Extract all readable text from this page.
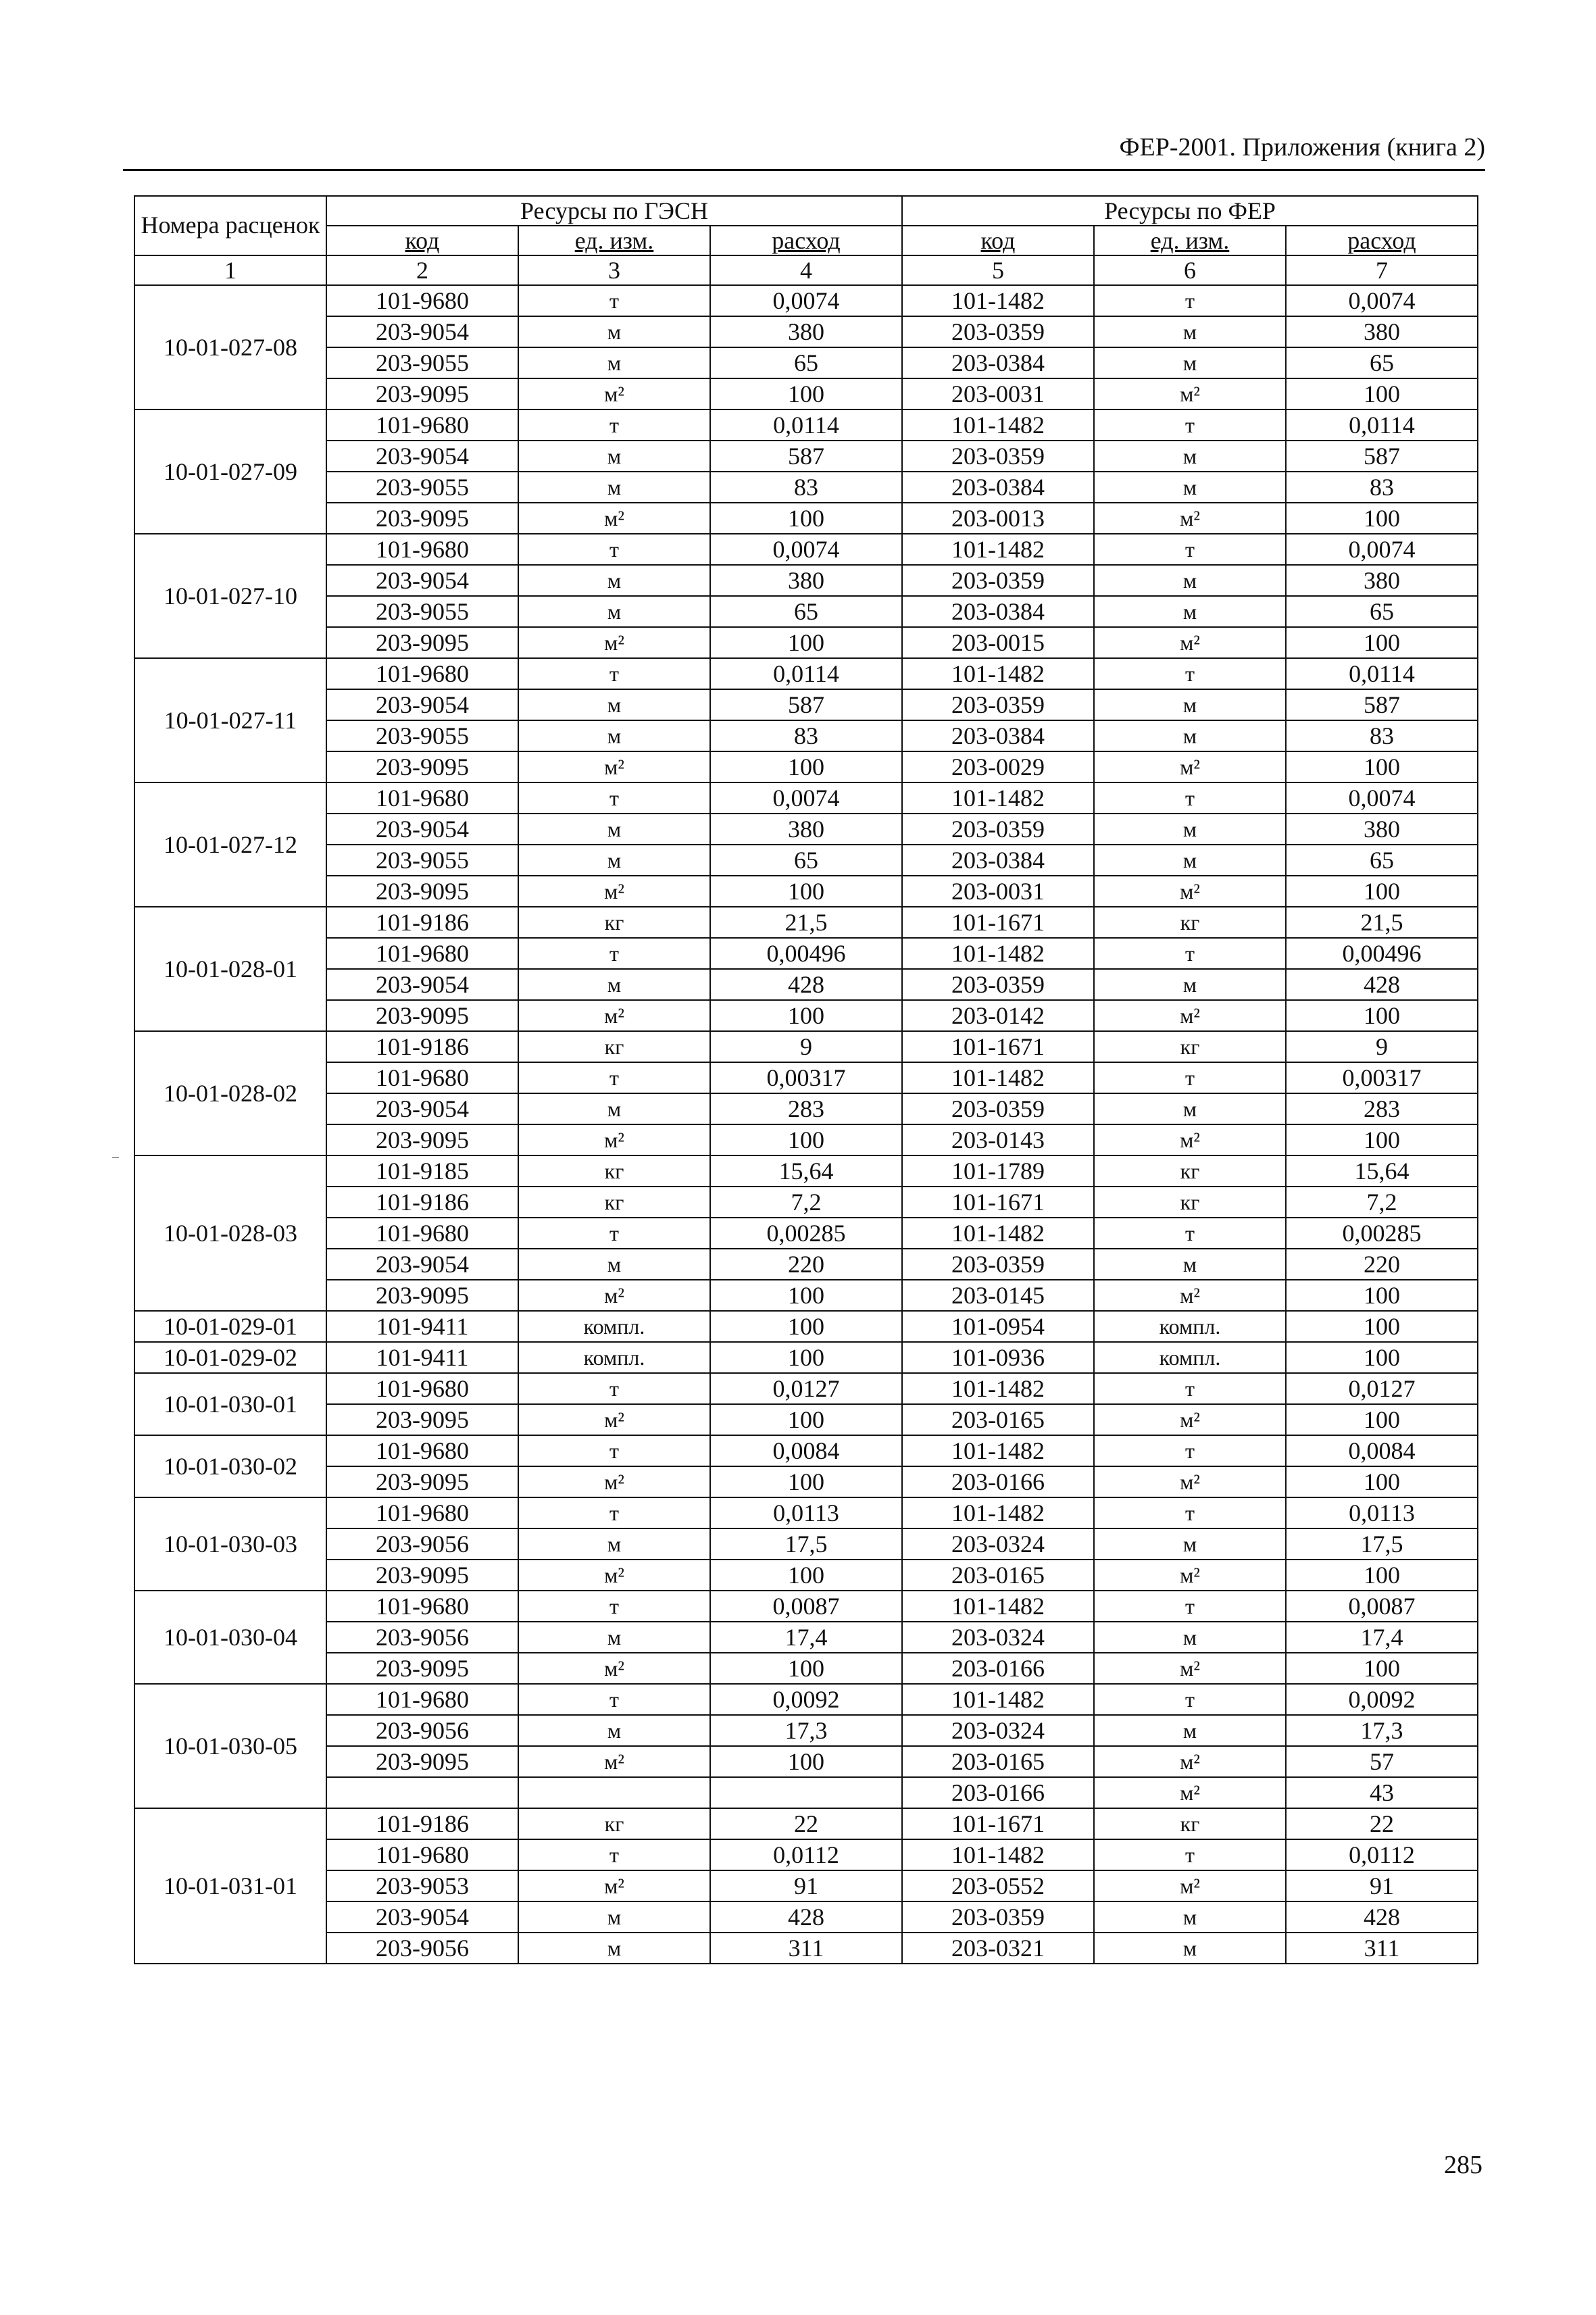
ФЕР-2001. Приложения (книга 2)
Номера расценок	Ресурсы по ГЭСН			Ресурсы по ФЕР		
	код	ед. изм.	расход	код	ед. изм.	расход
1	2	3	4	5	6	7
10-01-027-08	101-9680	т	0,0074	101-1482	т	0,0074
	203-9054	м	380	203-0359	м	380
	203-9055	м	65	203-0384	м	65
	203-9095	м²	100	203-0031	м²	100
10-01-027-09	101-9680	т	0,0114	101-1482	т	0,0114
	203-9054	м	587	203-0359	м	587
	203-9055	м	83	203-0384	м	83
	203-9095	м²	100	203-0013	м²	100
10-01-027-10	101-9680	т	0,0074	101-1482	т	0,0074
	203-9054	м	380	203-0359	м	380
	203-9055	м	65	203-0384	м	65
	203-9095	м²	100	203-0015	м²	100
10-01-027-11	101-9680	т	0,0114	101-1482	т	0,0114
	203-9054	м	587	203-0359	м	587
	203-9055	м	83	203-0384	м	83
	203-9095	м²	100	203-0029	м²	100
10-01-027-12	101-9680	т	0,0074	101-1482	т	0,0074
	203-9054	м	380	203-0359	м	380
	203-9055	м	65	203-0384	м	65
	203-9095	м²	100	203-0031	м²	100
10-01-028-01	101-9186	кг	21,5	101-1671	кг	21,5
	101-9680	т	0,00496	101-1482	т	0,00496
	203-9054	м	428	203-0359	м	428
	203-9095	м²	100	203-0142	м²	100
10-01-028-02	101-9186	кг	9	101-1671	кг	9
	101-9680	т	0,00317	101-1482	т	0,00317
	203-9054	м	283	203-0359	м	283
	203-9095	м²	100	203-0143	м²	100
10-01-028-03	101-9185	кг	15,64	101-1789	кг	15,64
	101-9186	кг	7,2	101-1671	кг	7,2
	101-9680	т	0,00285	101-1482	т	0,00285
	203-9054	м	220	203-0359	м	220
	203-9095	м²	100	203-0145	м²	100
10-01-029-01	101-9411	компл.	100	101-0954	компл.	100
10-01-029-02	101-9411	компл.	100	101-0936	компл.	100
10-01-030-01	101-9680	т	0,0127	101-1482	т	0,0127
	203-9095	м²	100	203-0165	м²	100
10-01-030-02	101-9680	т	0,0084	101-1482	т	0,0084
	203-9095	м²	100	203-0166	м²	100
10-01-030-03	101-9680	т	0,0113	101-1482	т	0,0113
	203-9056	м	17,5	203-0324	м	17,5
	203-9095	м²	100	203-0165	м²	100
10-01-030-04	101-9680	т	0,0087	101-1482	т	0,0087
	203-9056	м	17,4	203-0324	м	17,4
	203-9095	м²	100	203-0166	м²	100
10-01-030-05	101-9680	т	0,0092	101-1482	т	0,0092
	203-9056	м	17,3	203-0324	м	17,3
	203-9095	м²	100	203-0165	м²	57
				203-0166	м²	43
10-01-031-01	101-9186	кг	22	101-1671	кг	22
	101-9680	т	0,0112	101-1482	т	0,0112
	203-9053	м²	91	203-0552	м²	91
	203-9054	м	428	203-0359	м	428
	203-9056	м	311	203-0321	м	311
285
